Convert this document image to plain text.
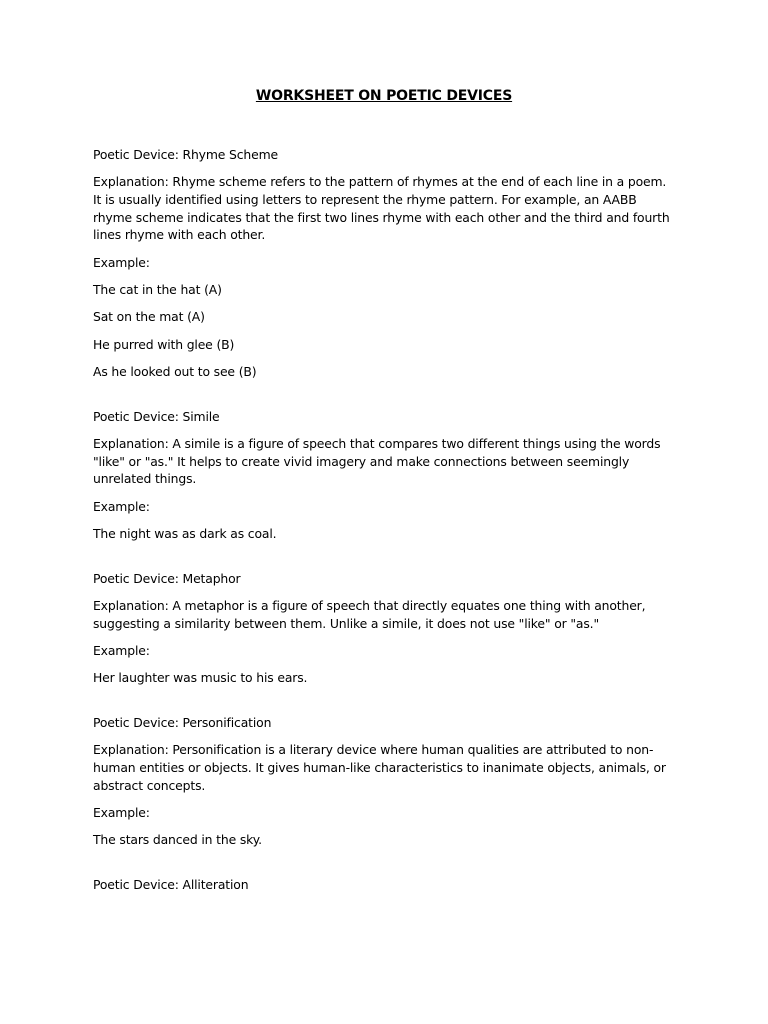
WORKSHEET ON POETIC DEVICES

Poetic Device: Rhyme Scheme

Explanation: Rhyme scheme refers to the pattern of rhymes at the end of each line in a poem. It is usually identified using letters to represent the rhyme pattern. For example, an AABB rhyme scheme indicates that the first two lines rhyme with each other and the third and fourth lines rhyme with each other.

Example:

The cat in the hat (A)

Sat on the mat (A)

He purred with glee (B)

As he looked out to see (B)

Poetic Device: Simile

Explanation: A simile is a figure of speech that compares two different things using the words "like" or "as." It helps to create vivid imagery and make connections between seemingly unrelated things.

Example:

The night was as dark as coal.

Poetic Device: Metaphor

Explanation: A metaphor is a figure of speech that directly equates one thing with another, suggesting a similarity between them. Unlike a simile, it does not use "like" or "as."

Example:

Her laughter was music to his ears.

Poetic Device: Personification

Explanation: Personification is a literary device where human qualities are attributed to non-human entities or objects. It gives human-like characteristics to inanimate objects, animals, or abstract concepts.

Example:

The stars danced in the sky.

Poetic Device: Alliteration
